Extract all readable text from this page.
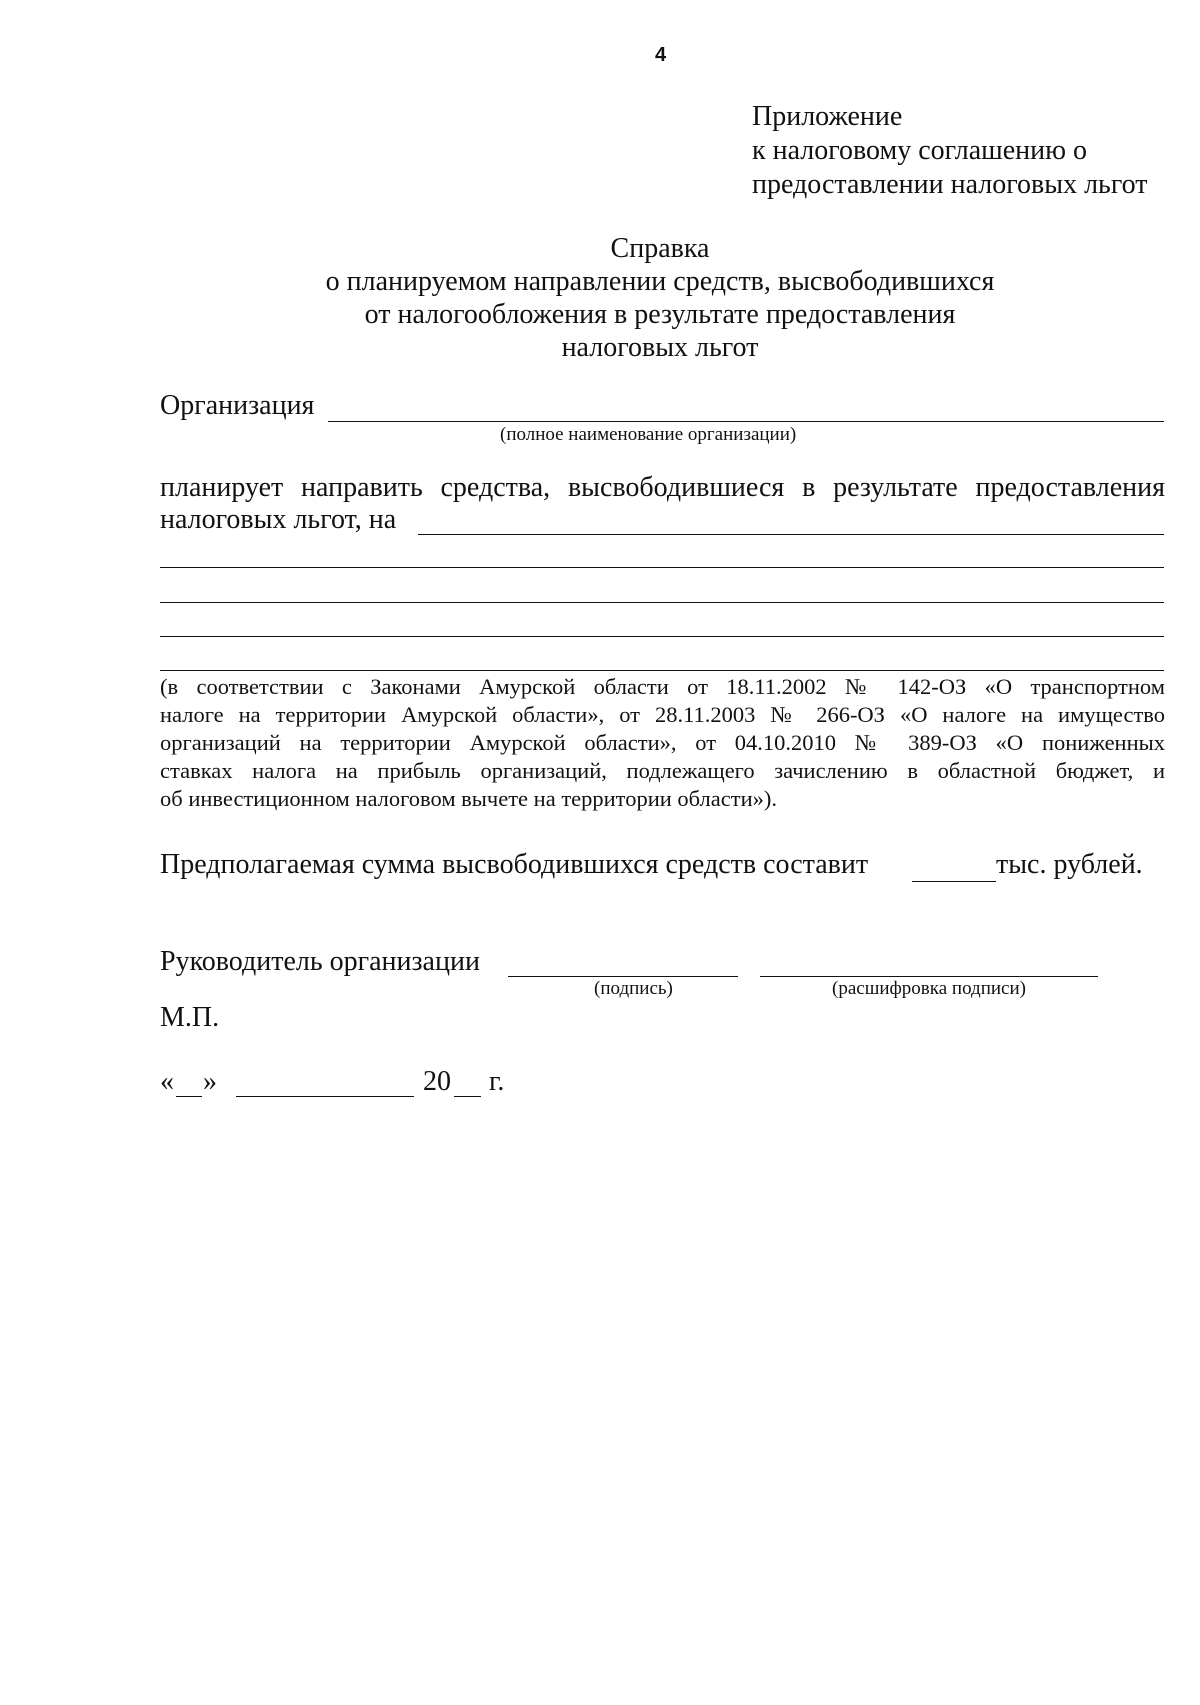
4
Приложение
к налоговому соглашению о
предоставлении налоговых льгот
Справка
о планируемом направлении средств, высвободившихся
от налогообложения в результате предоставления
налоговых льгот
Организация
(полное наименование организации)
планирует направить средства, высвободившиеся в результате предоставления
налоговых льгот, на
(в соответствии с Законами Амурской области от 18.11.2002 № 142-ОЗ «О транспортном
налоге на территории Амурской области», от 28.11.2003 № 266-ОЗ «О налоге на имущество
организаций на территории Амурской области», от 04.10.2010 № 389-ОЗ «О пониженных
ставках налога на прибыль организаций, подлежащего зачислению в областной бюджет, и
об инвестиционном налоговом вычете на территории области»).
Предполагаемая сумма высвободившихся средств составит	тыс. рублей.
Руководитель организации
(подпись)	(расшифровка подписи)
М.П.
« »	20 г.
